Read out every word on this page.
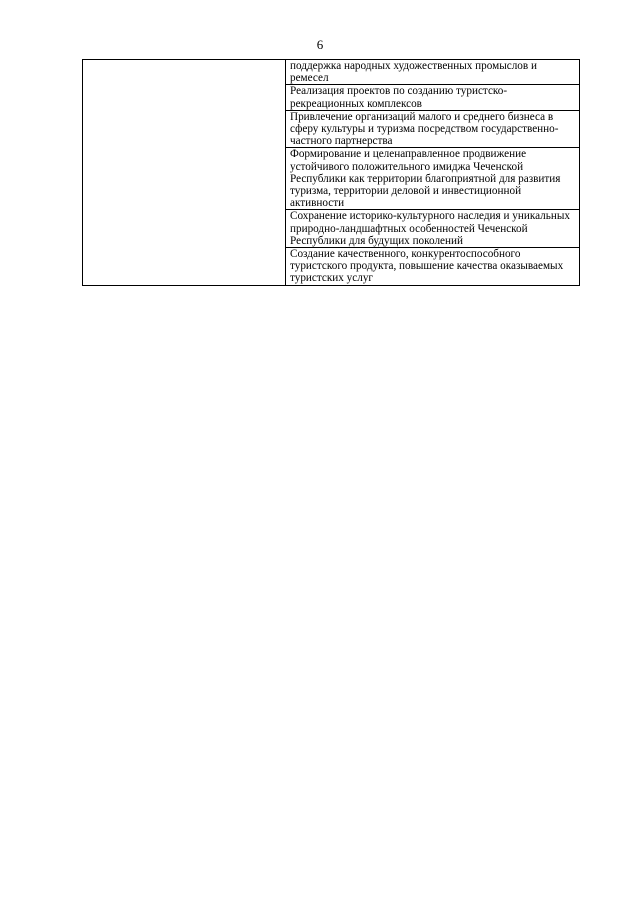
6
	поддержка народных художественных промыслов и ремесел
Реализация проектов по созданию туристско-рекреационных комплексов
Привлечение организаций малого и среднего бизнеса в сферу культуры и туризма посредством государственно-частного партнерства
Формирование и целенаправленное продвижение устойчивого положительного имиджа Чеченской Республики как территории благоприятной для развития туризма, территории деловой и инвестиционной активности
Сохранение историко-культурного наследия и уникальных природно-ландшафтных особенностей Чеченской Республики для будущих поколений
Создание качественного, конкурентоспособного туристского продукта, повышение качества оказываемых туристских услуг
